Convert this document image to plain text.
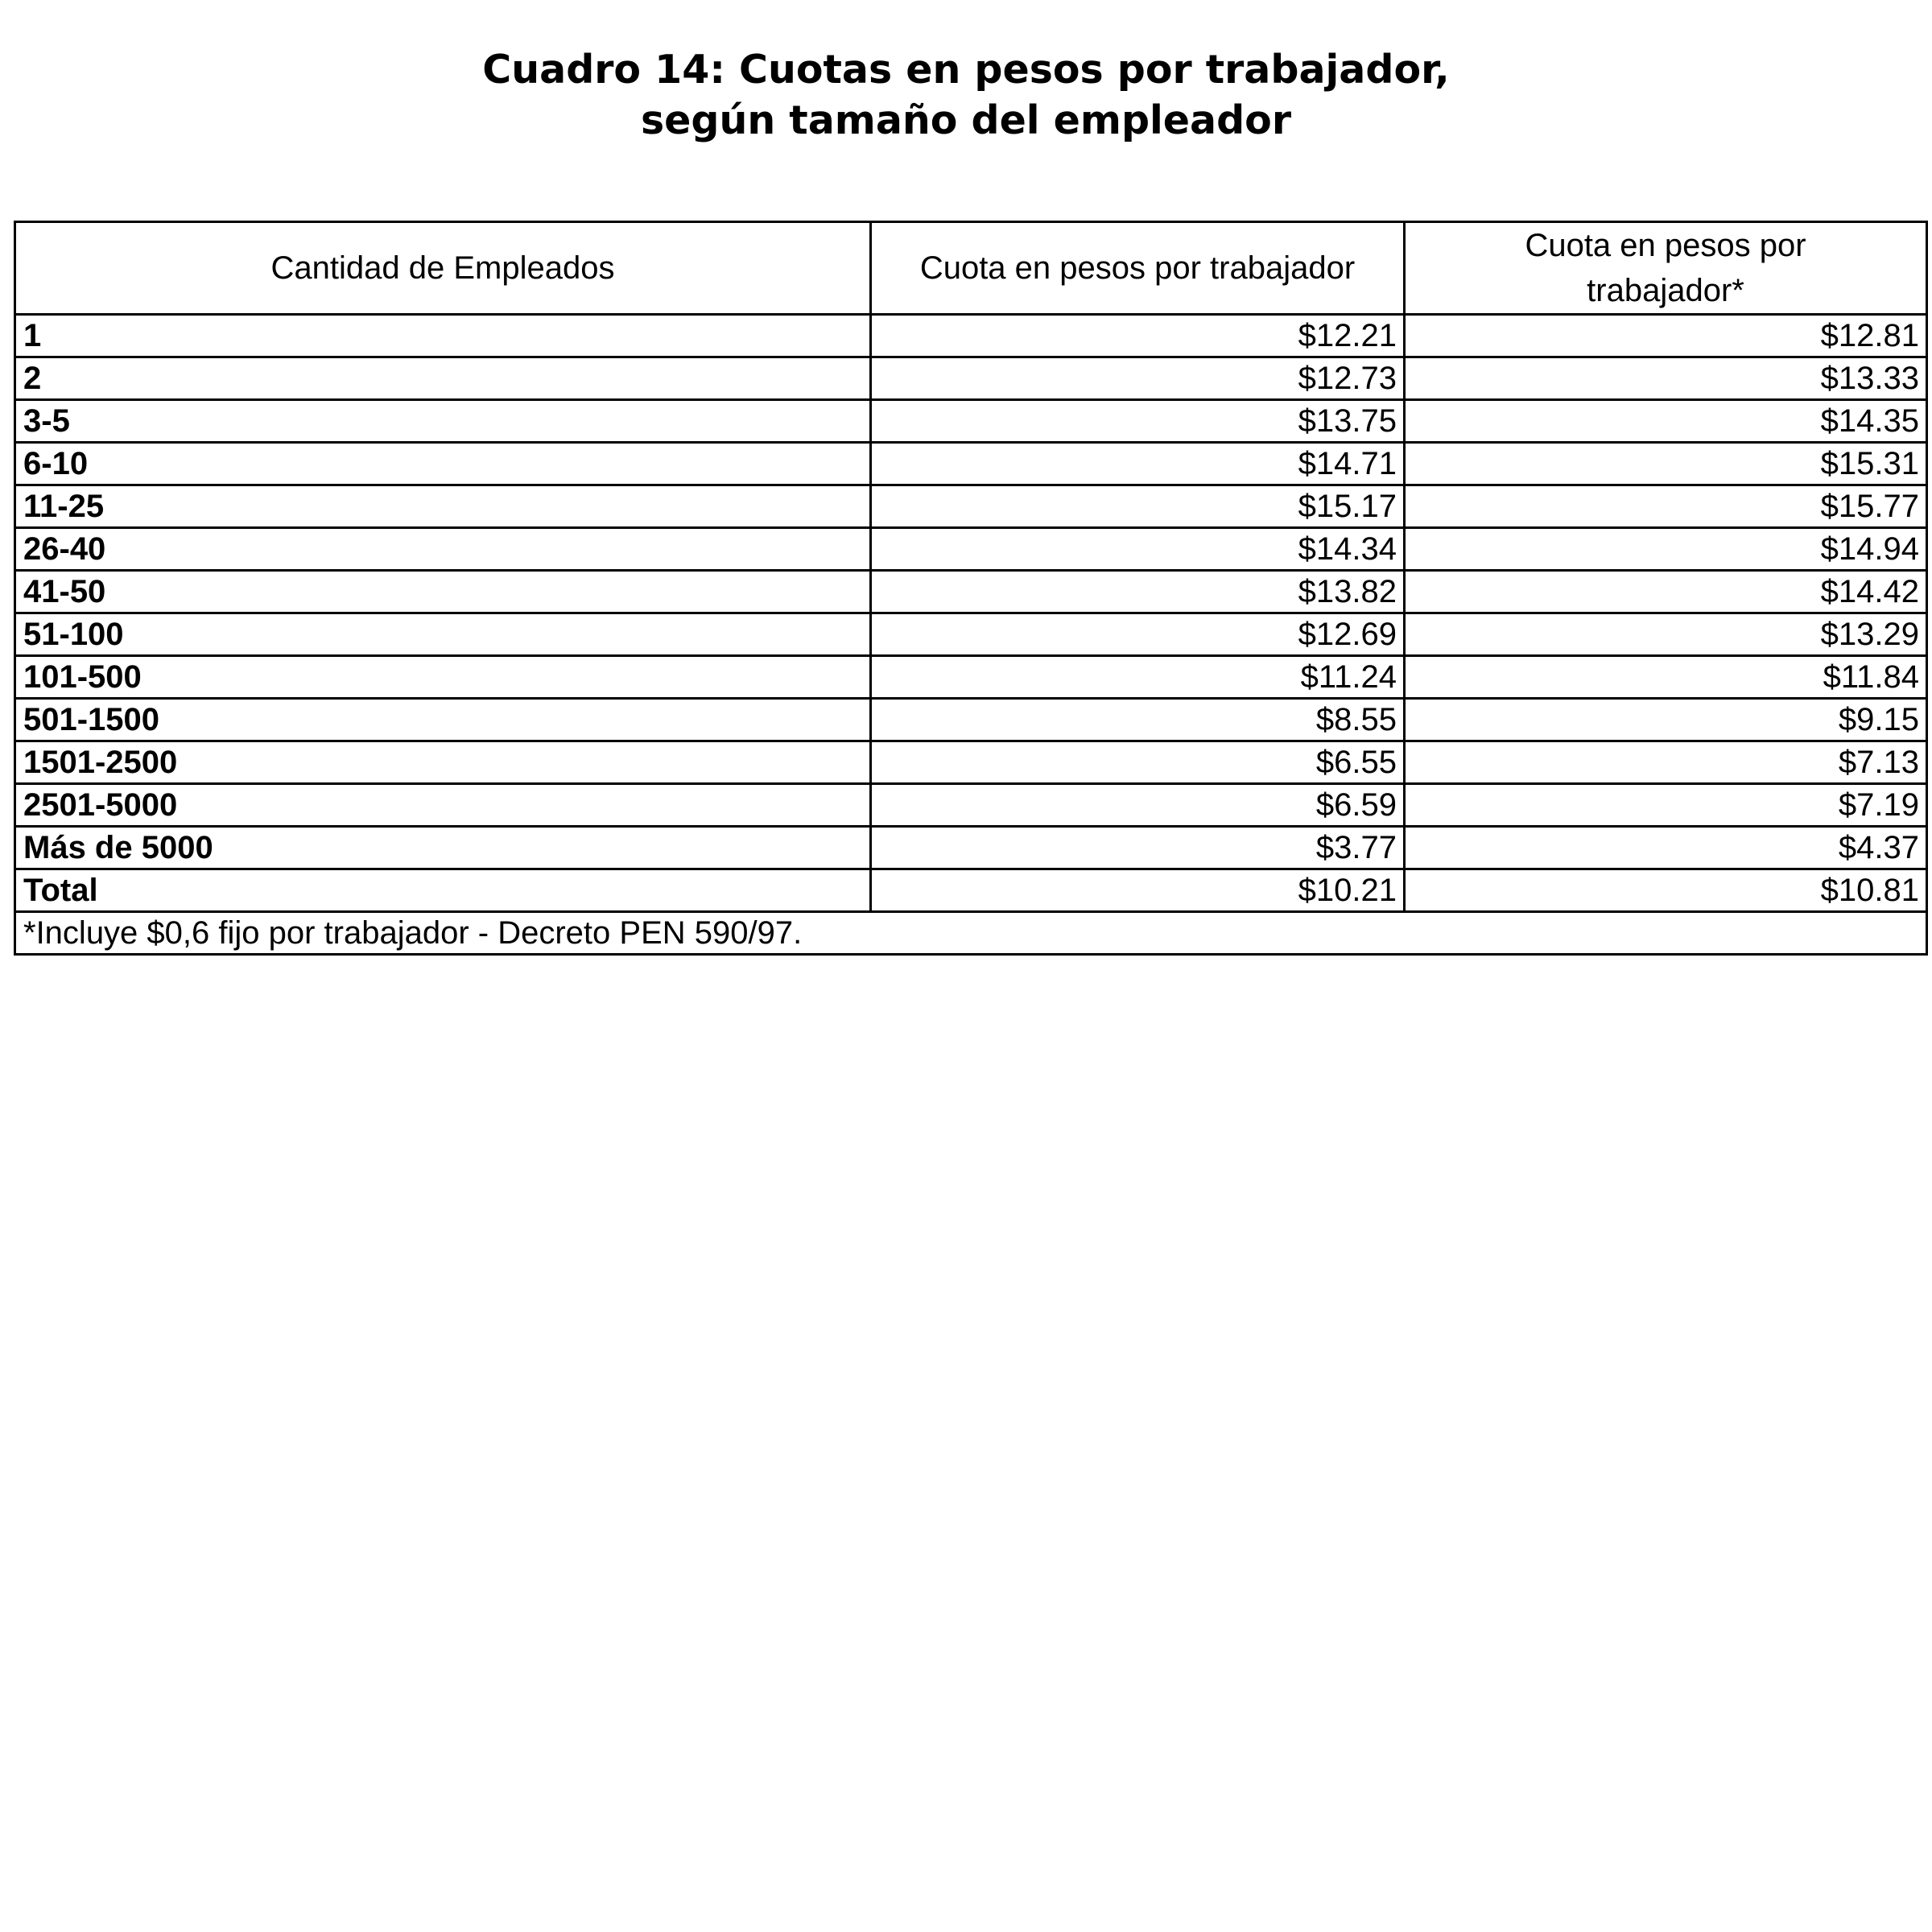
Cuadro 14: Cuotas en pesos por trabajador,
según tamaño del empleador
Cantidad de Empleados	Cuota en pesos por trabajador	Cuota en pesos por trabajador*
1	$12.21	$12.81
2	$12.73	$13.33
3-5	$13.75	$14.35
6-10	$14.71	$15.31
11-25	$15.17	$15.77
26-40	$14.34	$14.94
41-50	$13.82	$14.42
51-100	$12.69	$13.29
101-500	$11.24	$11.84
501-1500	$8.55	$9.15
1501-2500	$6.55	$7.13
2501-5000	$6.59	$7.19
Más de 5000	$3.77	$4.37
Total	$10.21	$10.81
*Incluye $0,6 fijo por trabajador - Decreto PEN 590/97.		
